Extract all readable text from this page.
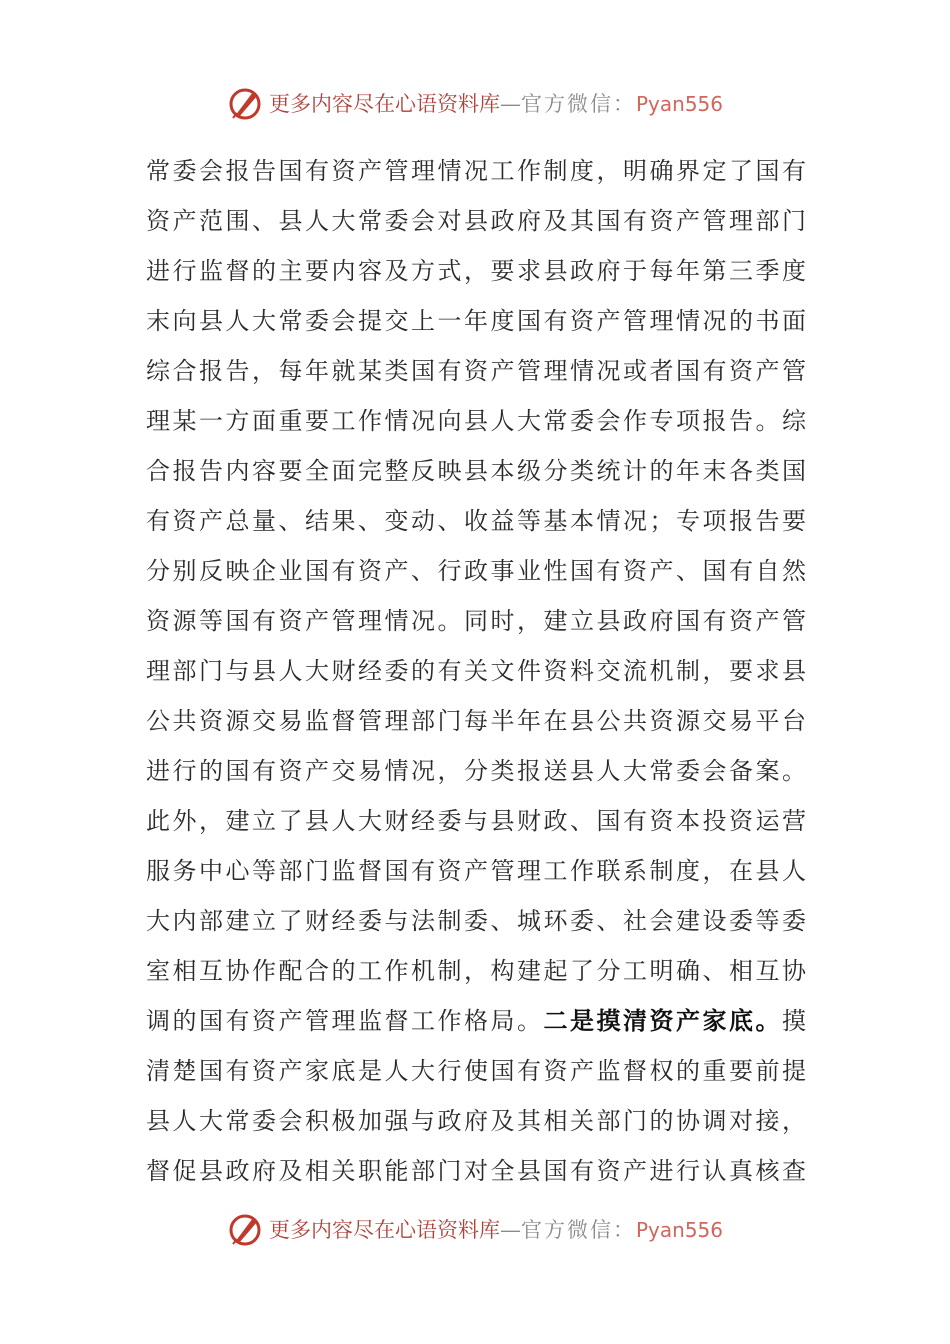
更多内容尽在心语资料库—官方微信：Pyan556
常委会报告国有资产管理情况工作制度，明确界定了国有
资产范围、县人大常委会对县政府及其国有资产管理部门
进行监督的主要内容及方式，要求县政府于每年第三季度
末向县人大常委会提交上一年度国有资产管理情况的书面
综合报告，每年就某类国有资产管理情况或者国有资产管
理某一方面重要工作情况向县人大常委会作专项报告。综
合报告内容要全面完整反映县本级分类统计的年末各类国
有资产总量、结果、变动、收益等基本情况；专项报告要
分别反映企业国有资产、行政事业性国有资产、国有自然
资源等国有资产管理情况。同时，建立县政府国有资产管
理部门与县人大财经委的有关文件资料交流机制，要求县
公共资源交易监督管理部门每半年在县公共资源交易平台
进行的国有资产交易情况，分类报送县人大常委会备案。
此外，建立了县人大财经委与县财政、国有资本投资运营
服务中心等部门监督国有资产管理工作联系制度，在县人
大内部建立了财经委与法制委、城环委、社会建设委等委
室相互协作配合的工作机制，构建起了分工明确、相互协
调的国有资产管理监督工作格局。二是摸清资产家底。摸
清楚国有资产家底是人大行使国有资产监督权的重要前提
县人大常委会积极加强与政府及其相关部门的协调对接，
督促县政府及相关职能部门对全县国有资产进行认真核查
更多内容尽在心语资料库—官方微信：Pyan556
